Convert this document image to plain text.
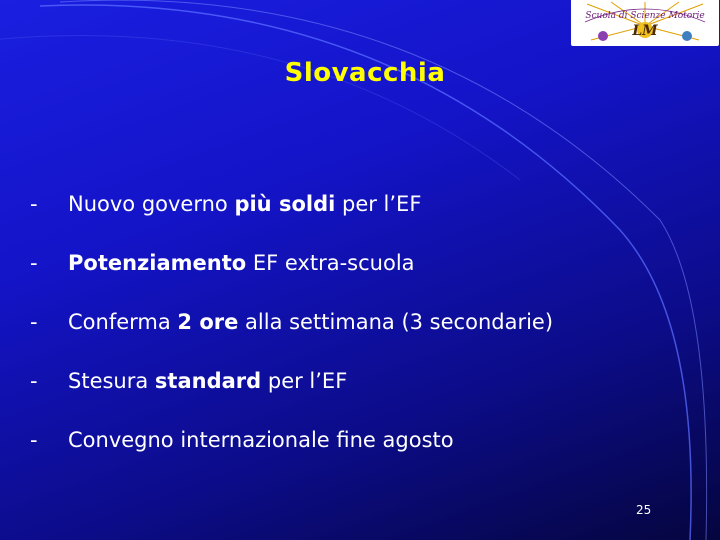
Scuola di Scienze Motorie
LM
Slovacchia
-	Nuovo governo più soldi per l’EF
-	Potenziamento EF extra-scuola
-	Conferma 2 ore alla settimana (3 secondarie)
-	Stesura standard per l’EF
-	Convegno internazionale fine agosto
25
